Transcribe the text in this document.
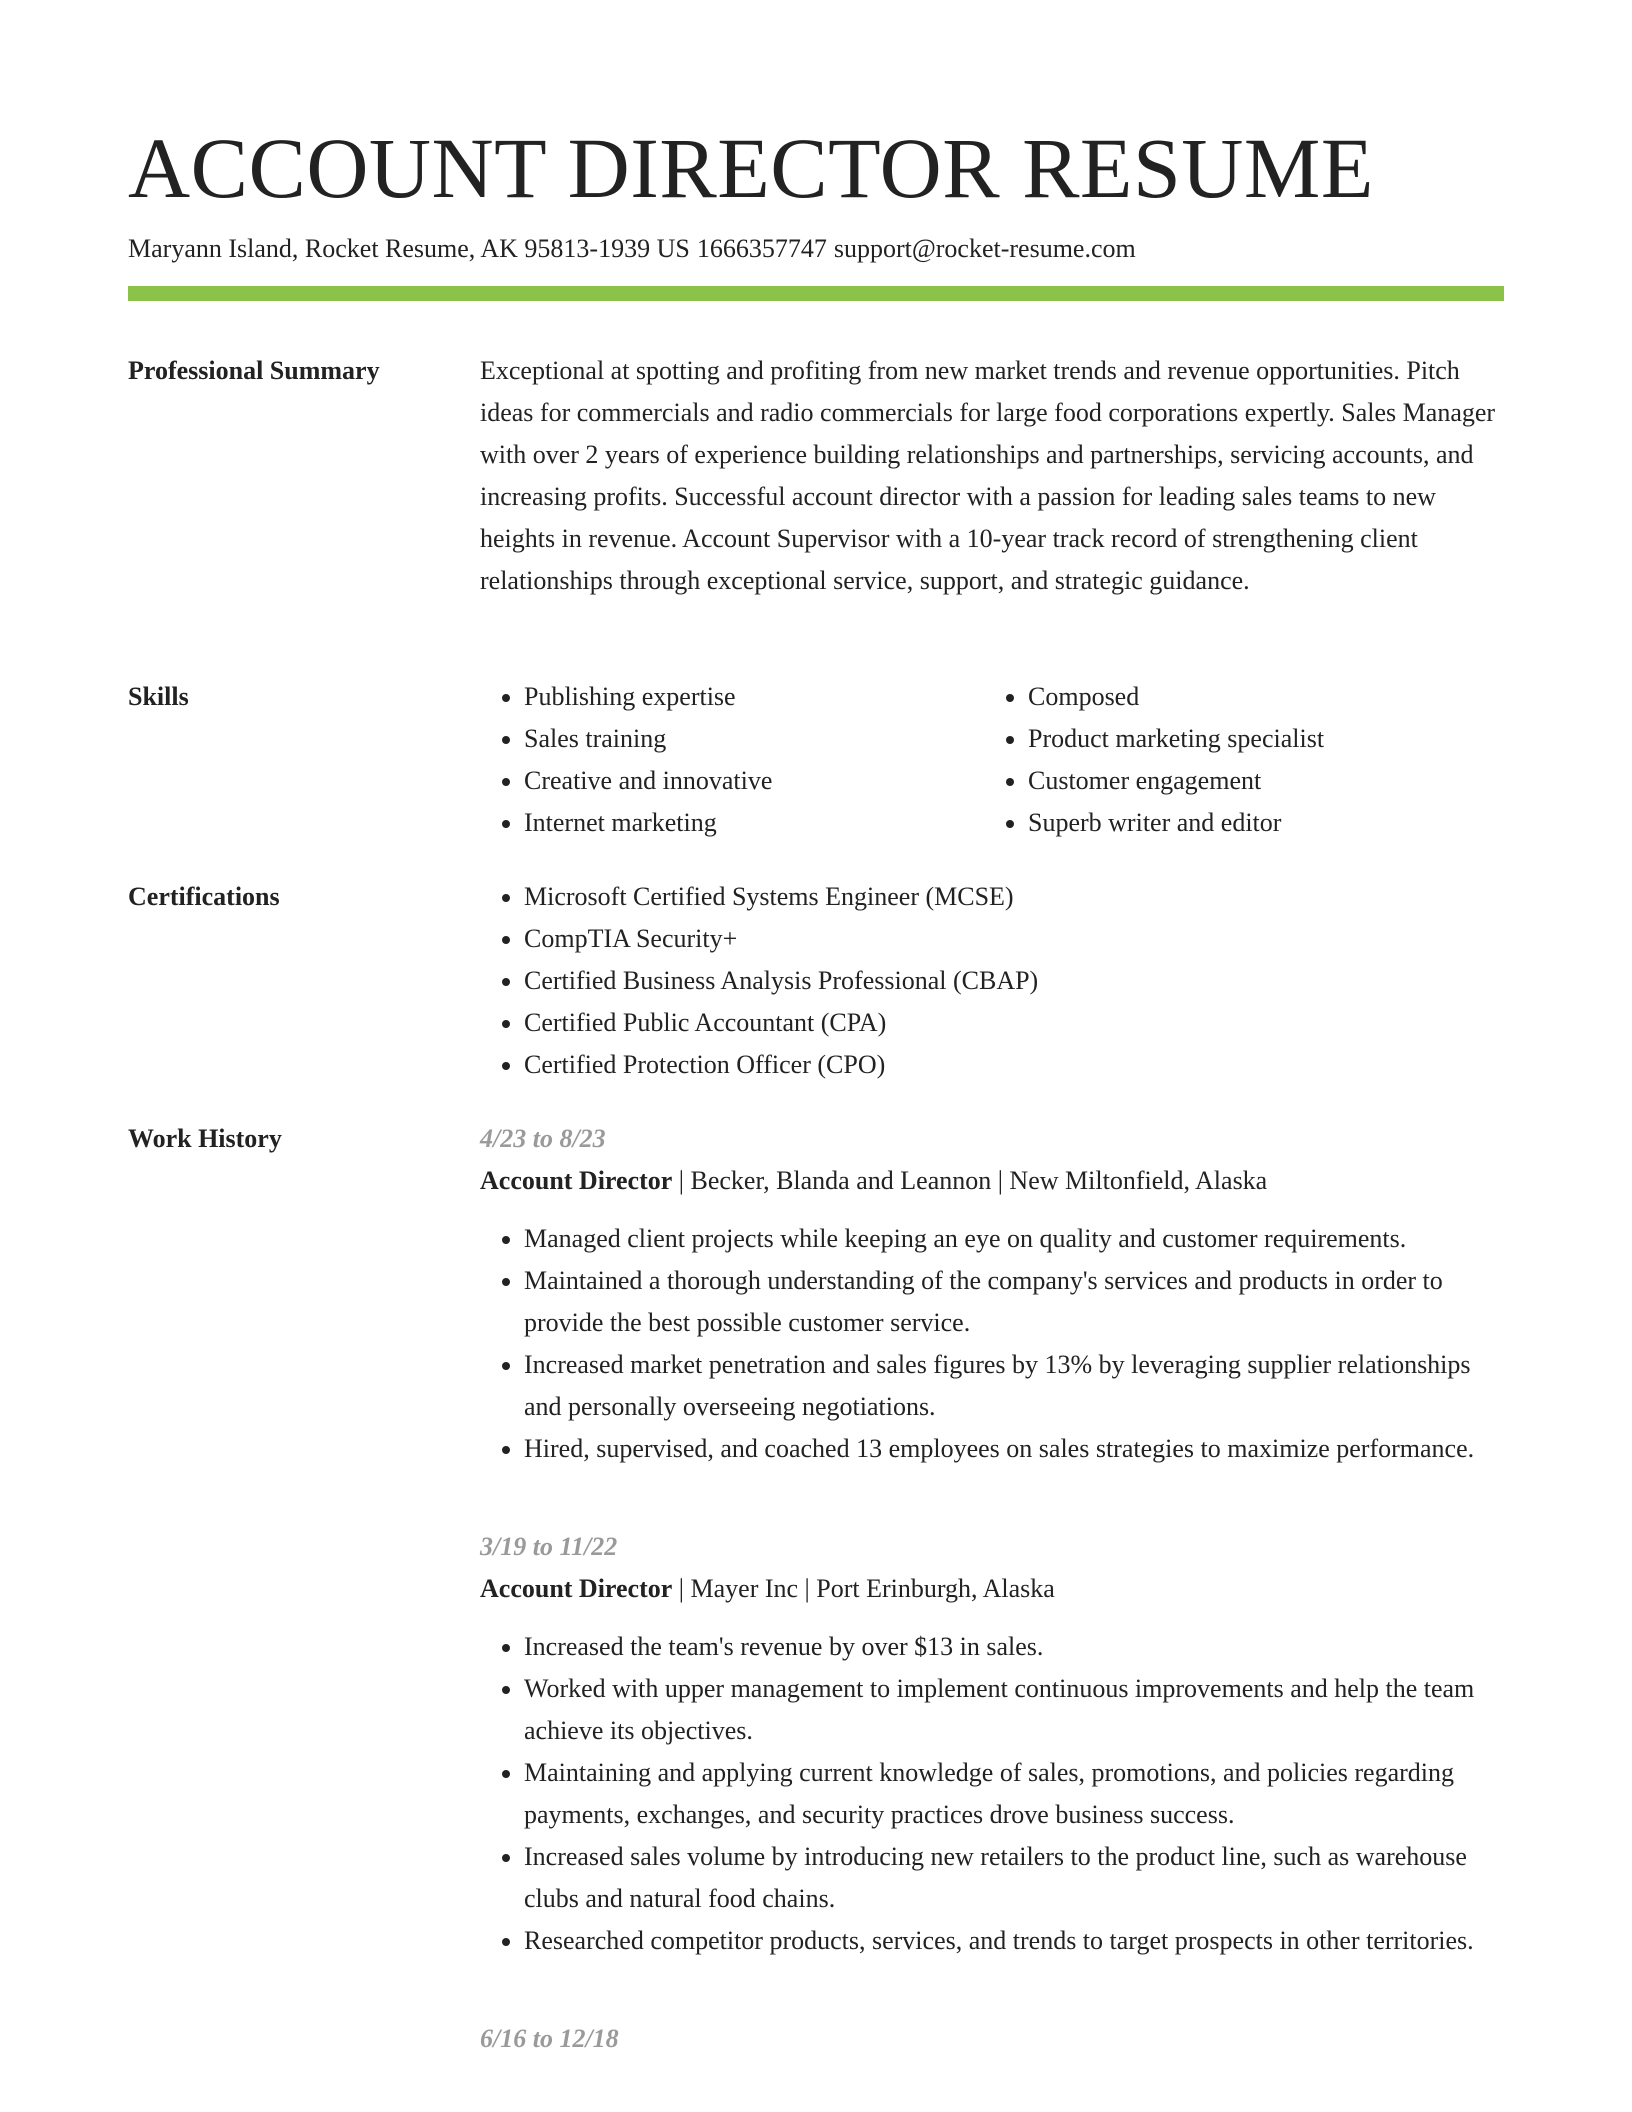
ACCOUNT DIRECTOR RESUME
Maryann Island, Rocket Resume, AK 95813-1939 US 1666357747 support@rocket-resume.com
Professional Summary	Exceptional at spotting and profiting from new market trends and revenue opportunities. Pitch ideas for commercials and radio commercials for large food corporations expertly. Sales Manager with over 2 years of experience building relationships and partnerships, servicing accounts, and increasing profits. Successful account director with a passion for leading sales teams to new heights in revenue. Account Supervisor with a 10-year track record of strengthening client relationships through exceptional service, support, and strategic guidance.

Skills	• Publishing expertise
• Sales training
• Creative and innovative
• Internet marketing
• Composed
• Product marketing specialist
• Customer engagement
• Superb writer and editor
Certifications	• Microsoft Certified Systems Engineer (MCSE)
• CompTIA Security+
• Certified Business Analysis Professional (CBAP)
• Certified Public Accountant (CPA)
• Certified Protection Officer (CPO)
Work History	4/23 to 8/23
Account Director | Becker, Blanda and Leannon | New Miltonfield, Alaska
• Managed client projects while keeping an eye on quality and customer requirements.
• Maintained a thorough understanding of the company's services and products in order to provide the best possible customer service.
• Increased market penetration and sales figures by 13% by leveraging supplier relationships and personally overseeing negotiations.
• Hired, supervised, and coached 13 employees on sales strategies to maximize performance.
3/19 to 11/22
Account Director | Mayer Inc | Port Erinburgh, Alaska
• Increased the team's revenue by over $13 in sales.
• Worked with upper management to implement continuous improvements and help the team achieve its objectives.
• Maintaining and applying current knowledge of sales, promotions, and policies regarding payments, exchanges, and security practices drove business success.
• Increased sales volume by introducing new retailers to the product line, such as warehouse clubs and natural food chains.
• Researched competitor products, services, and trends to target prospects in other territories.
6/16 to 12/18
